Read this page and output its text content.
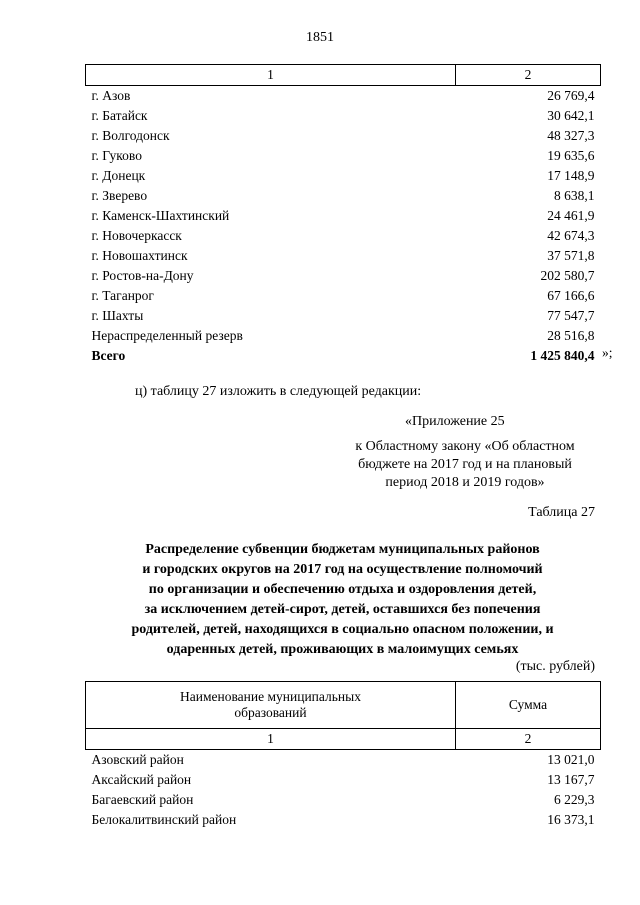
1851
1	2
г. Азов	26 769,4
г. Батайск	30 642,1
г. Волгодонск	48 327,3
г. Гуково	19 635,6
г. Донецк	17 148,9
г. Зверево	8 638,1
г. Каменск-Шахтинский	24 461,9
г. Новочеркасск	42 674,3
г. Новошахтинск	37 571,8
г. Ростов-на-Дону	202 580,7
г. Таганрог	67 166,6
г. Шахты	77 547,7
Нераспределенный резерв	28 516,8
Всего	1 425 840,4 »;
ц) таблицу 27 изложить в следующей редакции:
«Приложение 25
к Областному закону «Об областном
бюджете на 2017 год и на плановый
период 2018 и 2019 годов»
Таблица 27
Распределение субвенции бюджетам муниципальных районов
и городских округов на 2017 год на осуществление полномочий
по организации и обеспечению отдыха и оздоровления детей,
за исключением детей-сирот, детей, оставшихся без попечения
родителей, детей, находящихся в социально опасном положении, и
одаренных детей, проживающих в малоимущих семьях
(тыс. рублей)
Наименование муниципальных
образований	Сумма
1	2
Азовский район	13 021,0
Аксайский район	13 167,7
Багаевский район	6 229,3
Белокалитвинский район	16 373,1
